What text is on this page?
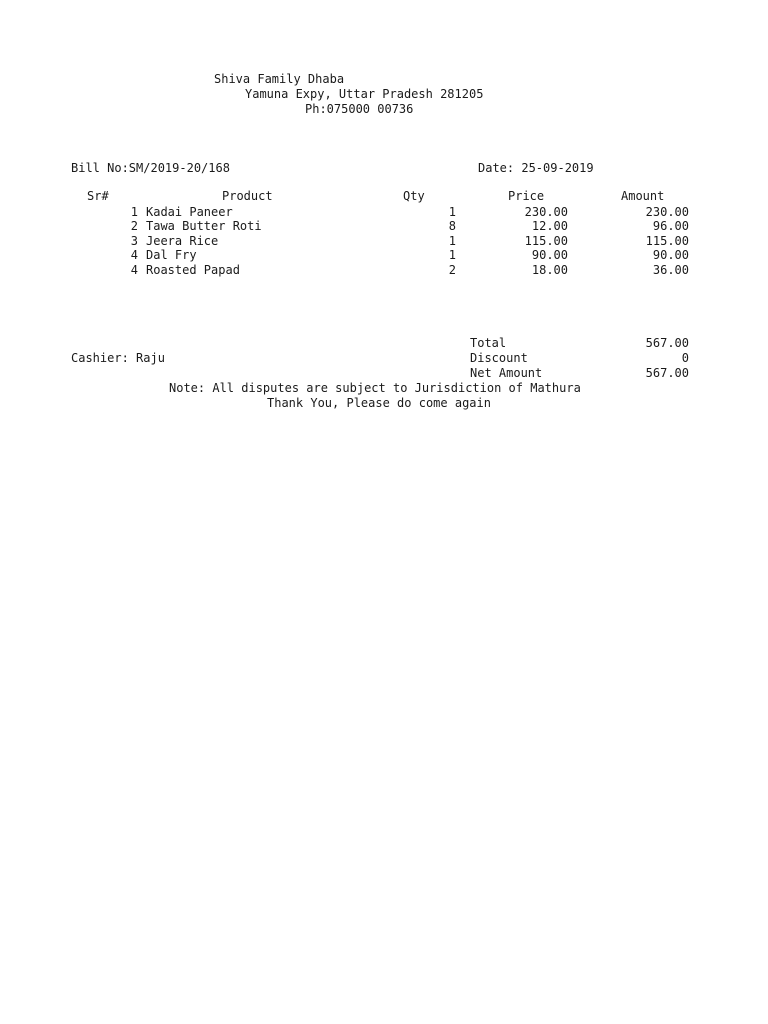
Shiva Family Dhaba
Yamuna Expy, Uttar Pradesh 281205
Ph:075000 00736
Bill No:SM/2019-20/168	Date: 25-09-2019
Sr#	Product	Qty	Price	Amount
1 Kadai Paneer	1	230.00	230.00
2 Tawa Butter Roti	8	12.00	96.00
3 Jeera Rice	1	115.00	115.00
4 Dal Fry	1	90.00	90.00
4 Roasted Papad	2	18.00	36.00
Total	567.00
Cashier: Raju	Discount	0
Net Amount	567.00
Note: All disputes are subject to Jurisdiction of Mathura
Thank You, Please do come again
